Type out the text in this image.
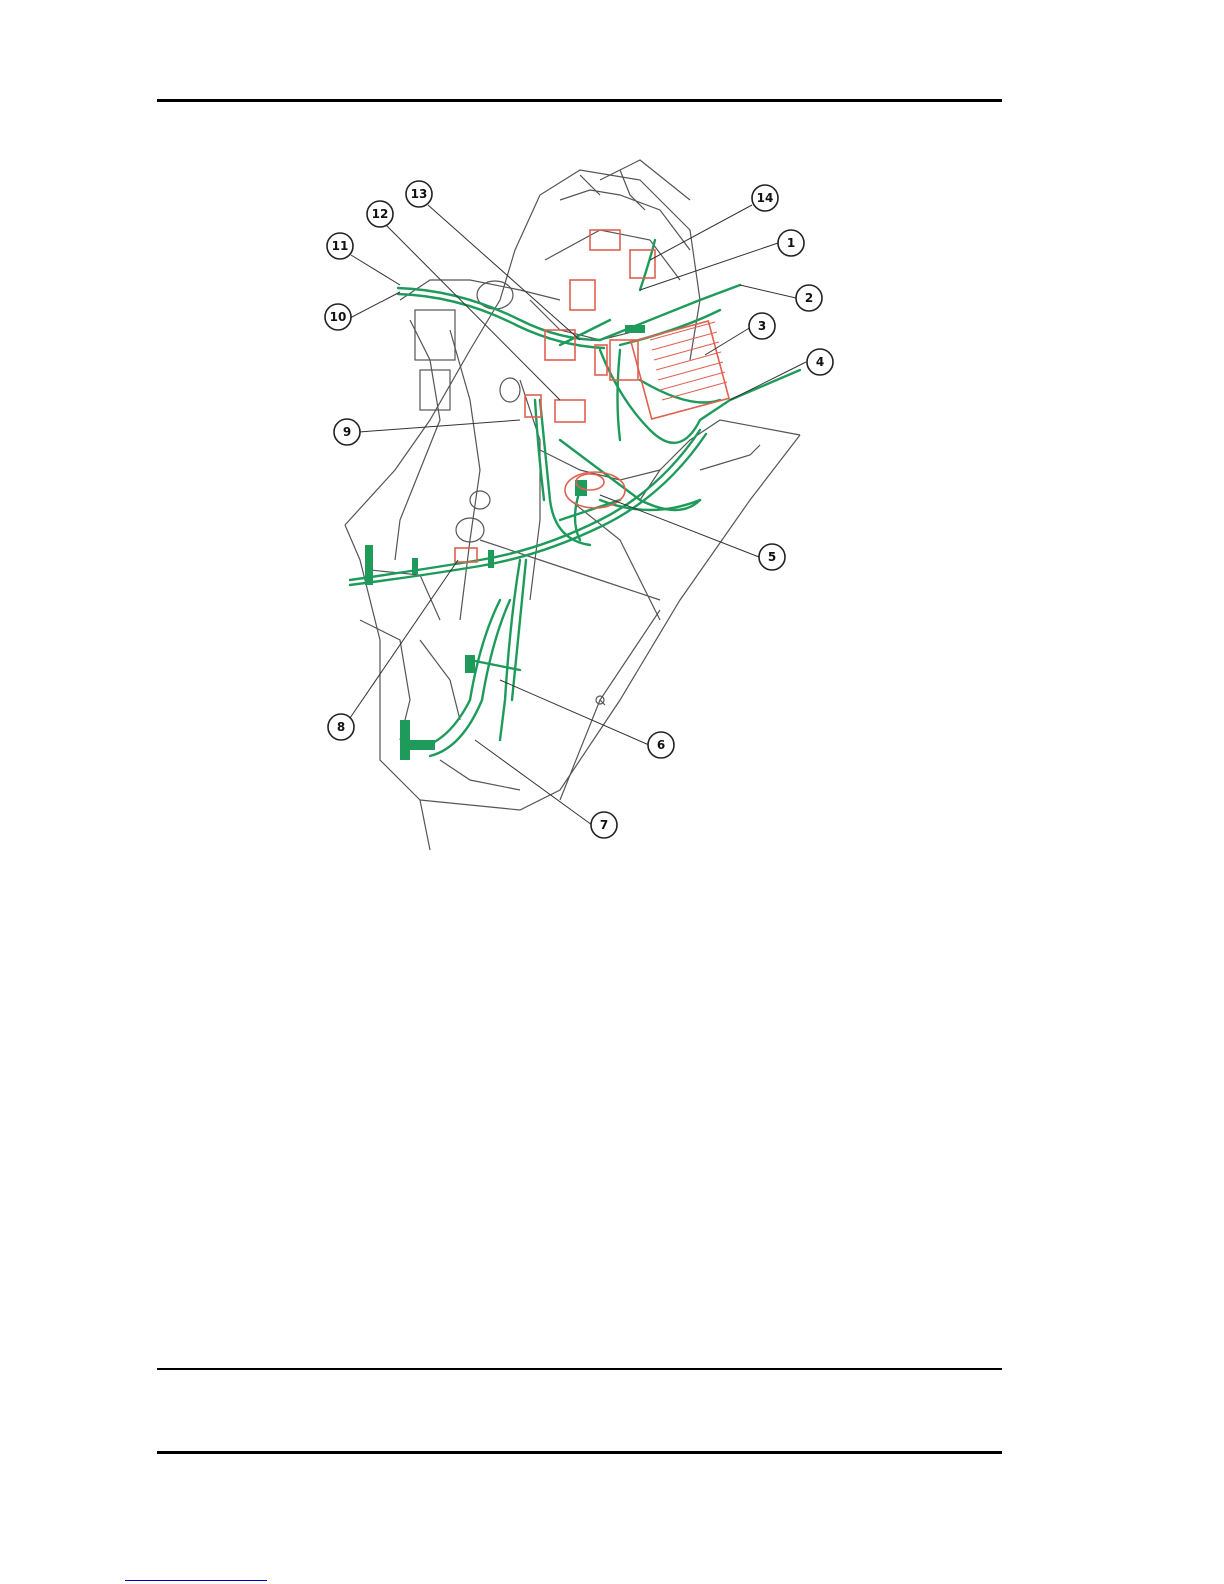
1
2
3
4
5
6
7
8
9
10
11
12
13	14
